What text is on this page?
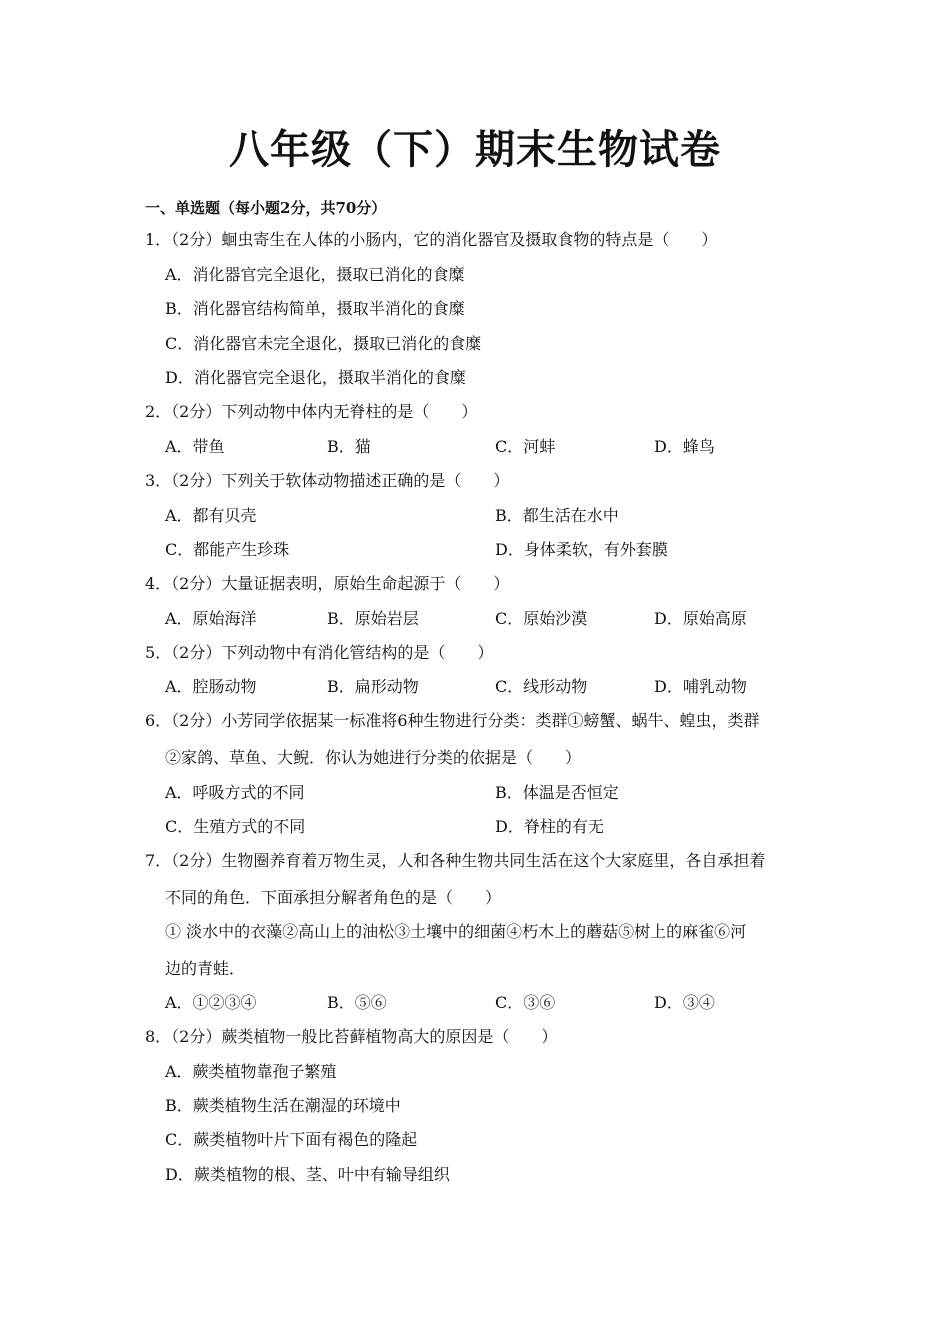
八年级（下）期末生物试卷
一、单选题（每小题2分，共70分）
1．（2分）蛔虫寄生在人体的小肠内，它的消化器官及摄取食物的特点是（　　）
A．消化器官完全退化，摄取已消化的食糜
B．消化器官结构简单，摄取半消化的食糜
C．消化器官未完全退化，摄取已消化的食糜
D．消化器官完全退化，摄取半消化的食糜
2．（2分）下列动物中体内无脊柱的是（　　）
A．带鱼	B．猫	C．河蚌	D．蜂鸟
3．（2分）下列关于软体动物描述正确的是（　　）
A．都有贝壳	B．都生活在水中
C．都能产生珍珠	D．身体柔软，有外套膜
4．（2分）大量证据表明，原始生命起源于（　　）
A．原始海洋	B．原始岩层	C．原始沙漠	D．原始高原
5．（2分）下列动物中有消化管结构的是（　　）
A．腔肠动物	B．扁形动物	C．线形动物	D．哺乳动物
6．（2分）小芳同学依据某一标准将6种生物进行分类：类群①螃蟹、蜗牛、蝗虫，类群
②家鸽、草鱼、大鲵．你认为她进行分类的依据是（　　）
A．呼吸方式的不同	B．体温是否恒定
C．生殖方式的不同	D．脊柱的有无
7．（2分）生物圈养育着万物生灵，人和各种生物共同生活在这个大家庭里，各自承担着
不同的角色．下面承担分解者角色的是（　　）
① 淡水中的衣藻②高山上的油松③土壤中的细菌④朽木上的蘑菇⑤树上的麻雀⑥河
边的青蛙．
A．①②③④	B．⑤⑥	C．③⑥	D．③④
8．（2分）蕨类植物一般比苔藓植物高大的原因是（　　）
A．蕨类植物靠孢子繁殖
B．蕨类植物生活在潮湿的环境中
C．蕨类植物叶片下面有褐色的隆起
D．蕨类植物的根、茎、叶中有输导组织
